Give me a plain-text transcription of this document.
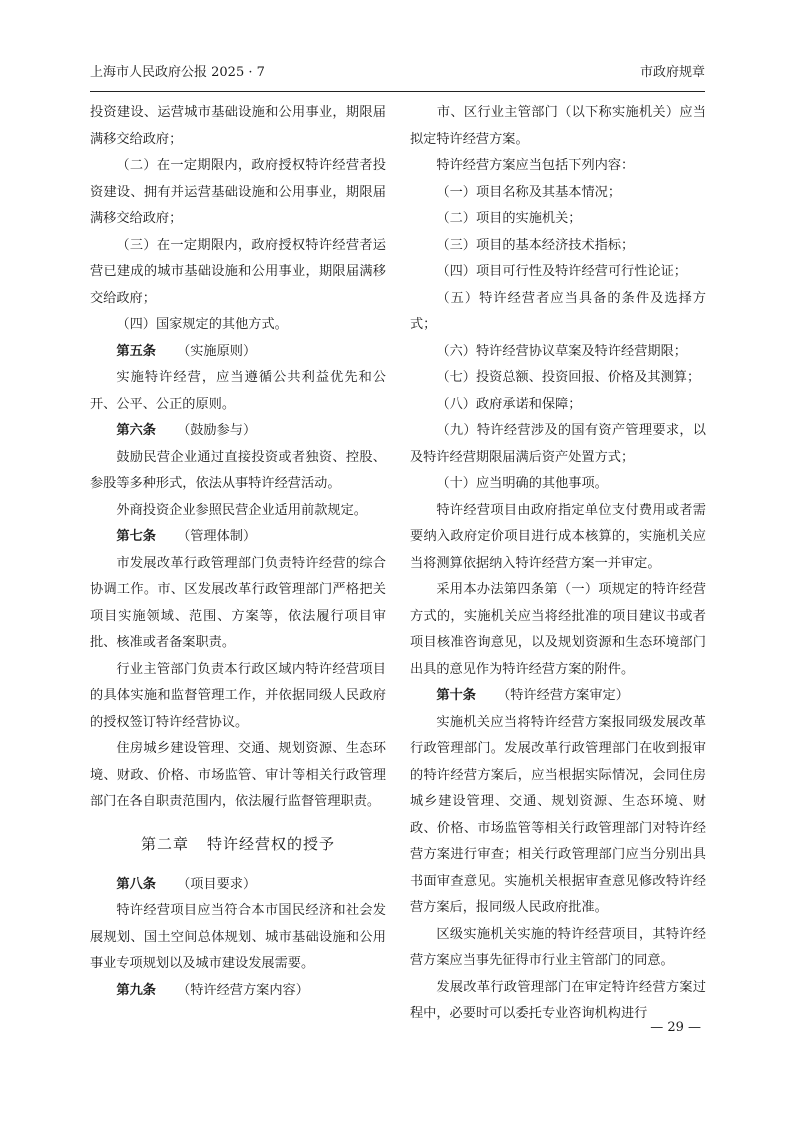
上海市人民政府公报 2025 · 7	市政府规章

投资建设、运营城市基础设施和公用事业，期限届满移交给政府；

（二）在一定期限内，政府授权特许经营者投资建设、拥有并运营基础设施和公用事业，期限届满移交给政府；

（三）在一定期限内，政府授权特许经营者运营已建成的城市基础设施和公用事业，期限届满移交给政府；

（四）国家规定的其他方式。

第五条 （实施原则）

实施特许经营，应当遵循公共利益优先和公开、公平、公正的原则。

第六条 （鼓励参与）

鼓励民营企业通过直接投资或者独资、控股、参股等多种形式，依法从事特许经营活动。

外商投资企业参照民营企业适用前款规定。

第七条 （管理体制）

市发展改革行政管理部门负责特许经营的综合协调工作。市、区发展改革行政管理部门严格把关项目实施领域、范围、方案等，依法履行项目审批、核准或者备案职责。

行业主管部门负责本行政区域内特许经营项目的具体实施和监督管理工作，并依据同级人民政府的授权签订特许经营协议。

住房城乡建设管理、交通、规划资源、生态环境、财政、价格、市场监管、审计等相关行政管理部门在各自职责范围内，依法履行监督管理职责。

第二章 特许经营权的授予

第八条 （项目要求）

特许经营项目应当符合本市国民经济和社会发展规划、国土空间总体规划、城市基础设施和公用事业专项规划以及城市建设发展需要。

第九条 （特许经营方案内容）

　　市、区行业主管部门（以下称实施机关）应当拟定特许经营方案。

特许经营方案应当包括下列内容：

（一）项目名称及其基本情况；

（二）项目的实施机关；

（三）项目的基本经济技术指标；

（四）项目可行性及特许经营可行性论证；

（五）特许经营者应当具备的条件及选择方式；

（六）特许经营协议草案及特许经营期限；

（七）投资总额、投资回报、价格及其测算；

（八）政府承诺和保障；

（九）特许经营涉及的国有资产管理要求，以及特许经营期限届满后资产处置方式；

（十）应当明确的其他事项。

特许经营项目由政府指定单位支付费用或者需要纳入政府定价项目进行成本核算的，实施机关应当将测算依据纳入特许经营方案一并审定。

采用本办法第四条第（一）项规定的特许经营方式的，实施机关应当将经批准的项目建议书或者项目核准咨询意见，以及规划资源和生态环境部门出具的意见作为特许经营方案的附件。

第十条 （特许经营方案审定）

实施机关应当将特许经营方案报同级发展改革行政管理部门。发展改革行政管理部门在收到报审的特许经营方案后，应当根据实际情况，会同住房城乡建设管理、交通、规划资源、生态环境、财政、价格、市场监管等相关行政管理部门对特许经营方案进行审查；相关行政管理部门应当分别出具书面审查意见。实施机关根据审查意见修改特许经营方案后，报同级人民政府批准。

区级实施机关实施的特许经营项目，其特许经营方案应当事先征得市行业主管部门的同意。

发展改革行政管理部门在审定特许经营方案过程中，必要时可以委托专业咨询机构进行

— 29 —
